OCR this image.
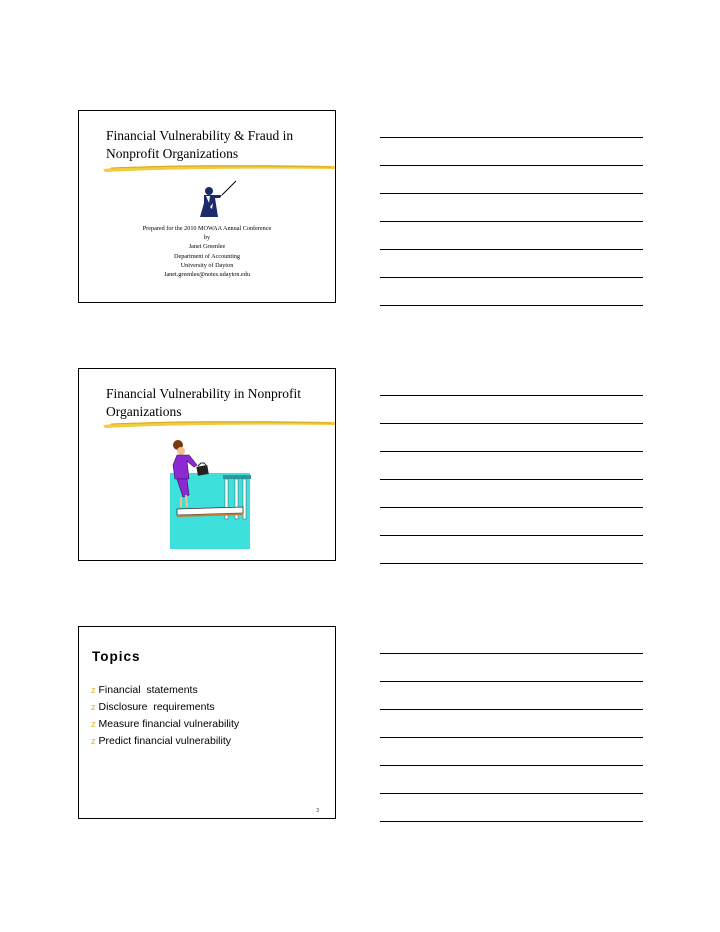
Financial Vulnerability & Fraud in
Nonprofit Organizations
Prepared for the 2010 MOWAA Annual Conference
by
Janet Greenlee
Department of Accounting
University of Dayton
Janet.greenlee@notes.udayton.edu
Financial Vulnerability in Nonprofit
Organizations
Topics
z Financial  statements
z Disclosure  requirements
z Measure financial vulnerability
z Predict financial vulnerability
3
